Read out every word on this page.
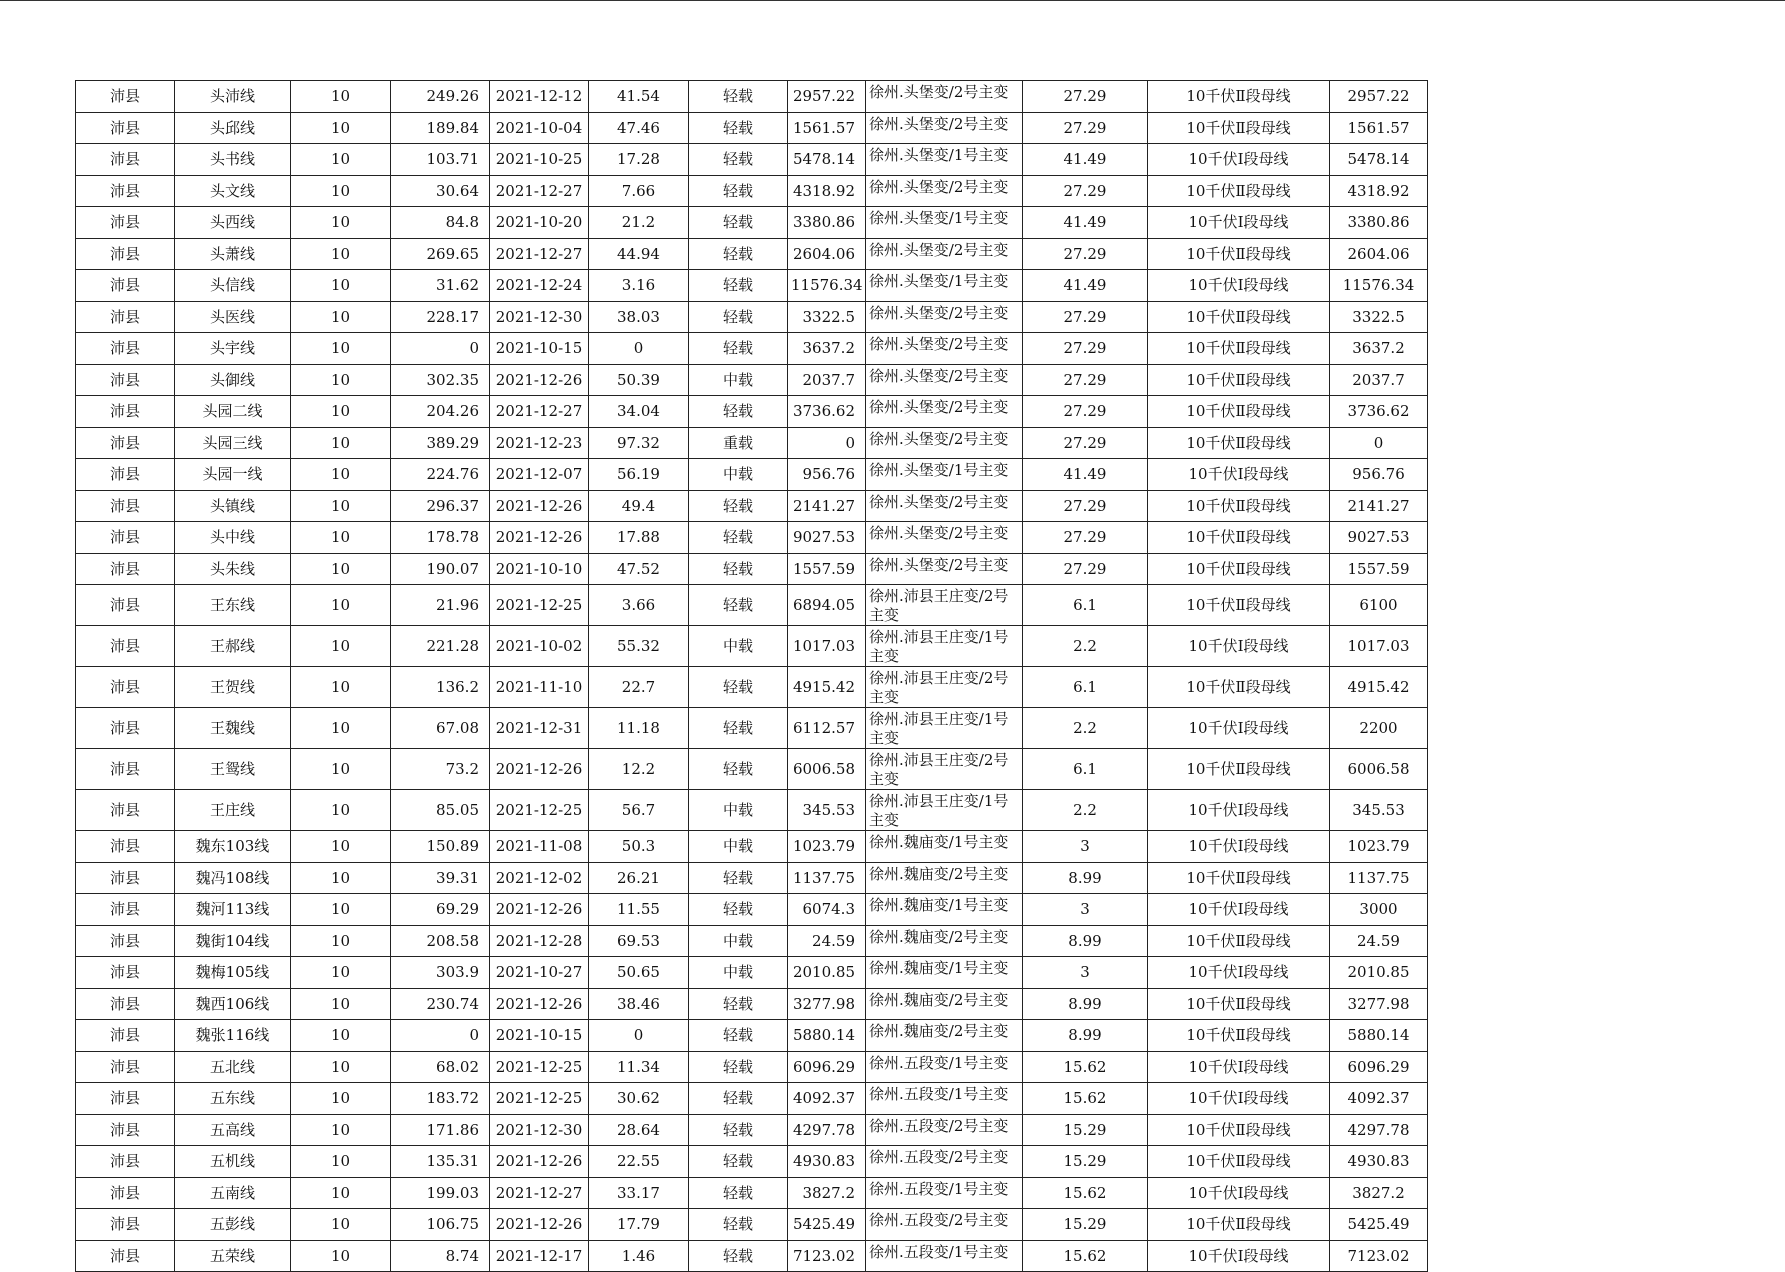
沛县	头沛线	10	249.26	2021-12-12	41.54	轻载	2957.22	徐州.头堡变/2号主变	27.29	10千伏Ⅱ段母线	2957.22
沛县	头邱线	10	189.84	2021-10-04	47.46	轻载	1561.57	徐州.头堡变/2号主变	27.29	10千伏Ⅱ段母线	1561.57
沛县	头书线	10	103.71	2021-10-25	17.28	轻载	5478.14	徐州.头堡变/1号主变	41.49	10千伏Ⅰ段母线	5478.14
沛县	头文线	10	30.64	2021-12-27	7.66	轻载	4318.92	徐州.头堡变/2号主变	27.29	10千伏Ⅱ段母线	4318.92
沛县	头西线	10	84.8	2021-10-20	21.2	轻载	3380.86	徐州.头堡变/1号主变	41.49	10千伏Ⅰ段母线	3380.86
沛县	头萧线	10	269.65	2021-12-27	44.94	轻载	2604.06	徐州.头堡变/2号主变	27.29	10千伏Ⅱ段母线	2604.06
沛县	头信线	10	31.62	2021-12-24	3.16	轻载	11576.34	徐州.头堡变/1号主变	41.49	10千伏Ⅰ段母线	11576.34
沛县	头医线	10	228.17	2021-12-30	38.03	轻载	3322.5	徐州.头堡变/2号主变	27.29	10千伏Ⅱ段母线	3322.5
沛县	头宇线	10	0	2021-10-15	0	轻载	3637.2	徐州.头堡变/2号主变	27.29	10千伏Ⅱ段母线	3637.2
沛县	头御线	10	302.35	2021-12-26	50.39	中载	2037.7	徐州.头堡变/2号主变	27.29	10千伏Ⅱ段母线	2037.7
沛县	头园二线	10	204.26	2021-12-27	34.04	轻载	3736.62	徐州.头堡变/2号主变	27.29	10千伏Ⅱ段母线	3736.62
沛县	头园三线	10	389.29	2021-12-23	97.32	重载	0	徐州.头堡变/2号主变	27.29	10千伏Ⅱ段母线	0
沛县	头园一线	10	224.76	2021-12-07	56.19	中载	956.76	徐州.头堡变/1号主变	41.49	10千伏Ⅰ段母线	956.76
沛县	头镇线	10	296.37	2021-12-26	49.4	轻载	2141.27	徐州.头堡变/2号主变	27.29	10千伏Ⅱ段母线	2141.27
沛县	头中线	10	178.78	2021-12-26	17.88	轻载	9027.53	徐州.头堡变/2号主变	27.29	10千伏Ⅱ段母线	9027.53
沛县	头朱线	10	190.07	2021-10-10	47.52	轻载	1557.59	徐州.头堡变/2号主变	27.29	10千伏Ⅱ段母线	1557.59
沛县	王东线	10	21.96	2021-12-25	3.66	轻载	6894.05	徐州.沛县王庄变/2号主变	6.1	10千伏Ⅱ段母线	6100
沛县	王郝线	10	221.28	2021-10-02	55.32	中载	1017.03	徐州.沛县王庄变/1号主变	2.2	10千伏Ⅰ段母线	1017.03
沛县	王贺线	10	136.2	2021-11-10	22.7	轻载	4915.42	徐州.沛县王庄变/2号主变	6.1	10千伏Ⅱ段母线	4915.42
沛县	王魏线	10	67.08	2021-12-31	11.18	轻载	6112.57	徐州.沛县王庄变/1号主变	2.2	10千伏Ⅰ段母线	2200
沛县	王鸳线	10	73.2	2021-12-26	12.2	轻载	6006.58	徐州.沛县王庄变/2号主变	6.1	10千伏Ⅱ段母线	6006.58
沛县	王庄线	10	85.05	2021-12-25	56.7	中载	345.53	徐州.沛县王庄变/1号主变	2.2	10千伏Ⅰ段母线	345.53
沛县	魏东103线	10	150.89	2021-11-08	50.3	中载	1023.79	徐州.魏庙变/1号主变	3	10千伏Ⅰ段母线	1023.79
沛县	魏冯108线	10	39.31	2021-12-02	26.21	轻载	1137.75	徐州.魏庙变/2号主变	8.99	10千伏Ⅱ段母线	1137.75
沛县	魏河113线	10	69.29	2021-12-26	11.55	轻载	6074.3	徐州.魏庙变/1号主变	3	10千伏Ⅰ段母线	3000
沛县	魏街104线	10	208.58	2021-12-28	69.53	中载	24.59	徐州.魏庙变/2号主变	8.99	10千伏Ⅱ段母线	24.59
沛县	魏梅105线	10	303.9	2021-10-27	50.65	中载	2010.85	徐州.魏庙变/1号主变	3	10千伏Ⅰ段母线	2010.85
沛县	魏西106线	10	230.74	2021-12-26	38.46	轻载	3277.98	徐州.魏庙变/2号主变	8.99	10千伏Ⅱ段母线	3277.98
沛县	魏张116线	10	0	2021-10-15	0	轻载	5880.14	徐州.魏庙变/2号主变	8.99	10千伏Ⅱ段母线	5880.14
沛县	五北线	10	68.02	2021-12-25	11.34	轻载	6096.29	徐州.五段变/1号主变	15.62	10千伏Ⅰ段母线	6096.29
沛县	五东线	10	183.72	2021-12-25	30.62	轻载	4092.37	徐州.五段变/1号主变	15.62	10千伏Ⅰ段母线	4092.37
沛县	五高线	10	171.86	2021-12-30	28.64	轻载	4297.78	徐州.五段变/2号主变	15.29	10千伏Ⅱ段母线	4297.78
沛县	五机线	10	135.31	2021-12-26	22.55	轻载	4930.83	徐州.五段变/2号主变	15.29	10千伏Ⅱ段母线	4930.83
沛县	五南线	10	199.03	2021-12-27	33.17	轻载	3827.2	徐州.五段变/1号主变	15.62	10千伏Ⅰ段母线	3827.2
沛县	五彭线	10	106.75	2021-12-26	17.79	轻载	5425.49	徐州.五段变/2号主变	15.29	10千伏Ⅱ段母线	5425.49
沛县	五荣线	10	8.74	2021-12-17	1.46	轻载	7123.02	徐州.五段变/1号主变	15.62	10千伏Ⅰ段母线	7123.02
